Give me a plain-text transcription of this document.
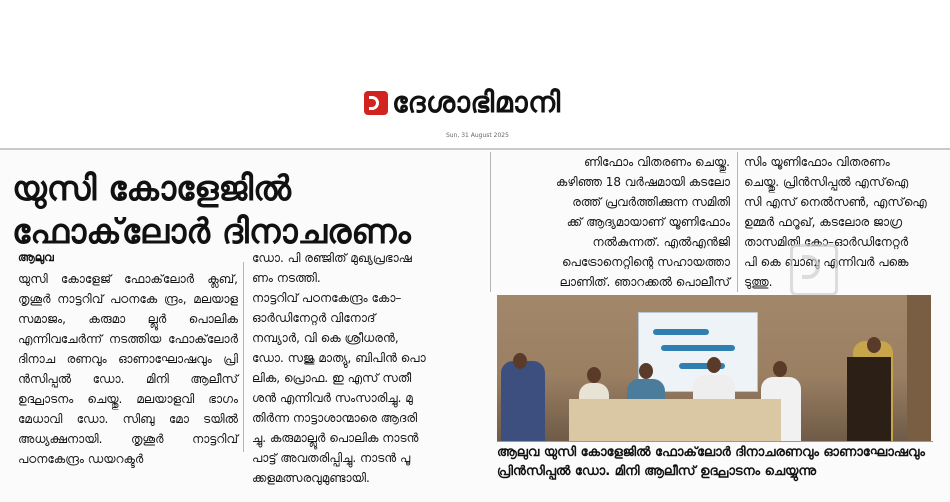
ദേശാഭിമാനി
Sun, 31 August 2025
യുസി കോളേജിൽ ഫോക്‌ലോർ ദിനാചരണം
ആലുവ
യുസി കോളേജ് ഫോക്‌ലോർ ക്ലബ്, തൃശൂർ നാട്ടറിവ് പഠനകേ ന്ദ്രം, മലയാള സമാജം, കരുമാ ല്ലൂർ പൊലിക എന്നിവചേർന്ന് നടത്തിയ ഫോക്‌ലോർ ദിനാച രണവും ഓണാഘോഷവും പ്രി ൻസിപ്പൽ ഡോ. മിനി ആലീസ് ഉദ്ഘാടനം ചെയ്തു. മലയാളവി ഭാഗം മേധാവി ഡോ. സിബു മോ ടയിൽ അധ്യക്ഷനായി. തൃശൂർ നാട്ടറിവ് പഠനകേന്ദ്രം ഡയറക്ടർ
ഡോ. പി രഞ്ജിത് മുഖ്യപ്രഭാഷ
ണം നടത്തി.
നാട്ടറിവ് പഠനകേന്ദ്രം കോ–
ഓർഡിനേറ്റർ വിനോദ്
നമ്പ്യാർ, വി കെ ശ്രീധരൻ,
ഡോ. സജു മാത്യു, ബിപിൻ പൊ
ലിക, പ്രൊഫ. ഇ എസ് സതീ
ശൻ എന്നിവർ സംസാരിച്ചു. മു
തിർന്ന നാട്ടാശാന്മാരെ ആദരി
ച്ചു. കരുമാല്ലൂർ പൊലിക നാടൻ
പാട്ട് അവതരിപ്പിച്ചു. നാടൻ പൂ
ക്കളമത്സരവുമുണ്ടായി.
ണിഫോം വിതരണം ചെയ്തു.
കഴിഞ്ഞ 18 വർഷമായി കടലോ
രത്ത് പ്രവർത്തിക്കുന്ന സമിതി
ക്ക് ആദ്യമായാണ് യൂണിഫോം
നൽകുന്നത്. എൽഎൻജി
പെട്രോനെറ്റിന്റെ സഹായത്താ
ലാണിത്. ഞാറക്കൽ പൊലീസ്
സിം യൂണിഫോം വിതരണം
ചെയ്തു. പ്രിൻസിപ്പൽ എസ്ഐ
സി എസ് നെൽസൺ, എസ്ഐ
ഉമ്മർ ഫറൂഖ്, കടലോര ജാഗ്ര
താസമിതി കോ–ഓർഡിനേറ്റർ
പി കെ ബാബു എന്നിവർ പങ്കെ
ടുത്തു.
ആലുവ യുസി കോളേജിൽ ഫോക്‌ലോർ ദിനാചരണവും ഓണാഘോഷവും പ്രിൻസിപ്പൽ ഡോ. മിനി ആലീസ് ഉദ്ഘാടനം ചെയ്യുന്നു
